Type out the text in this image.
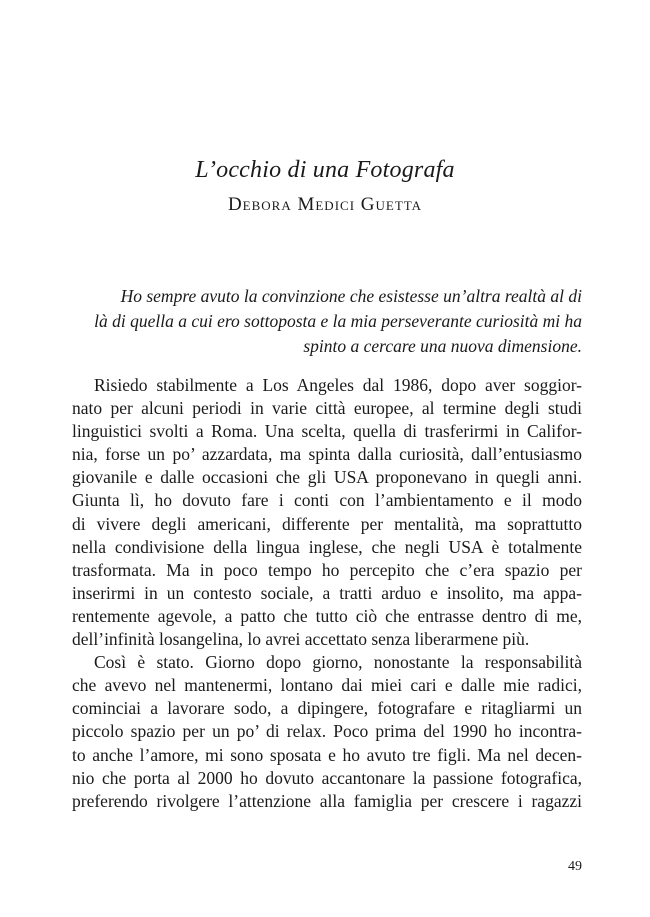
L’occhio di una Fotografa
Debora Medici Guetta
Ho sempre avuto la convinzione che esistesse un’altra realtà al di
là di quella a cui ero sottoposta e la mia perseverante curiosità mi ha
spinto a cercare una nuova dimensione.
Risiedo stabilmente a Los Angeles dal 1986, dopo aver soggior-
nato per alcuni periodi in varie città europee, al termine degli studi
linguistici svolti a Roma. Una scelta, quella di trasferirmi in Califor-
nia, forse un po’ azzardata, ma spinta dalla curiosità, dall’entusiasmo
giovanile e dalle occasioni che gli USA proponevano in quegli anni.
Giunta lì, ho dovuto fare i conti con l’ambientamento e il modo
di vivere degli americani, differente per mentalità, ma soprattutto
nella condivisione della lingua inglese, che negli USA è totalmente
trasformata. Ma in poco tempo ho percepito che c’era spazio per
inserirmi in un contesto sociale, a tratti arduo e insolito, ma appa-
rentemente agevole, a patto che tutto ciò che entrasse dentro di me,
dell’infinità losangelina, lo avrei accettato senza liberarmene più.
Così è stato. Giorno dopo giorno, nonostante la responsabilità
che avevo nel mantenermi, lontano dai miei cari e dalle mie radici,
cominciai a lavorare sodo, a dipingere, fotografare e ritagliarmi un
piccolo spazio per un po’ di relax. Poco prima del 1990 ho incontra-
to anche l’amore, mi sono sposata e ho avuto tre figli. Ma nel decen-
nio che porta al 2000 ho dovuto accantonare la passione fotografica,
preferendo rivolgere l’attenzione alla famiglia per crescere i ragazzi
49
